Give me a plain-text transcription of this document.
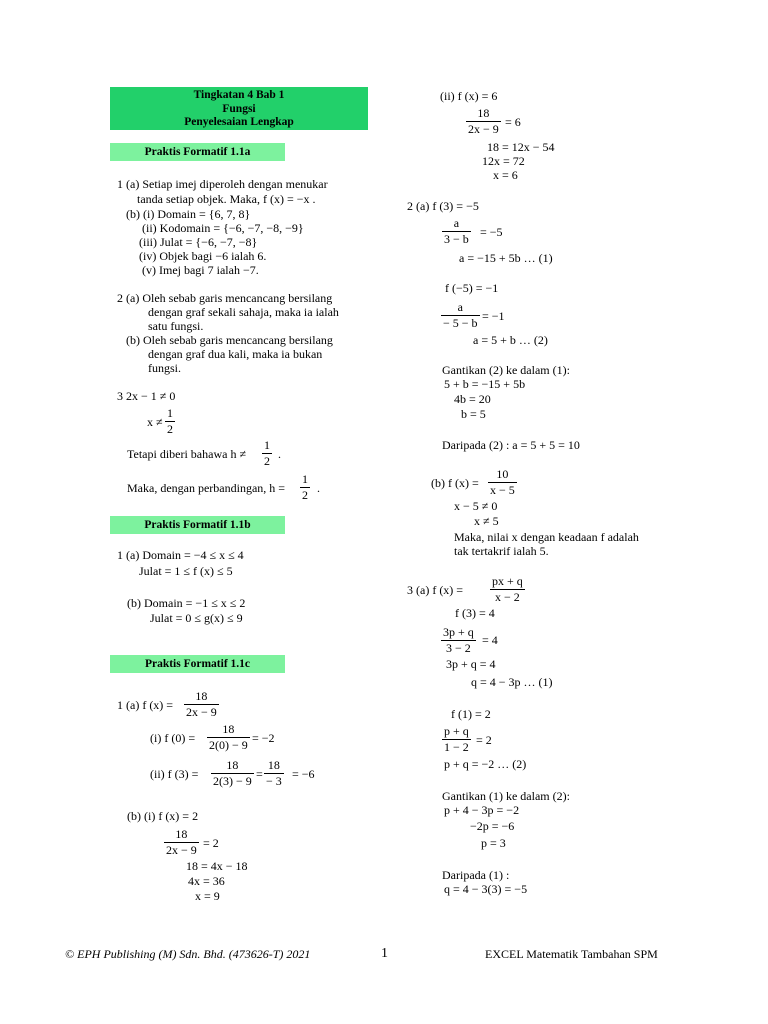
Tingkatan 4 Bab 1
Fungsi
Penyelesaian Lengkap
Praktis Formatif 1.1a
1 (a) Setiap imej diperoleh dengan menukar
tanda setiap objek. Maka, f (x) = −x .
(b) (i) Domain = {6, 7, 8}
(ii) Kodomain = {−6, −7, −8, −9}
(iii) Julat = {−6, −7, −8}
(iv) Objek bagi −6 ialah 6.
(v) Imej bagi 7 ialah −7.
2 (a) Oleh sebab garis mencancang bersilang
dengan graf sekali sahaja, maka ia ialah
satu fungsi.
(b) Oleh sebab garis mencancang bersilang
dengan graf dua kali, maka ia bukan
fungsi.
3 2x − 1 ≠ 0
x ≠
1
2
Tetapi diberi bahawa h ≠
1
2 .
Maka, dengan perbandingan, h =
1
2 .
Praktis Formatif 1.1b
1 (a) Domain = −4 ≤ x ≤ 4
Julat = 1 ≤ f (x) ≤ 5
(b) Domain = −1 ≤ x ≤ 2
Julat = 0 ≤ g(x) ≤ 9
Praktis Formatif 1.1c
1 (a) f (x) =
18
2x − 9
(i) f (0) =
18
2(0) − 9 = −2
(ii) f (3) =
18
2(3) − 9 =
18
− 3 = −6
(b) (i) f (x) = 2
18
2x − 9 = 2
18 = 4x − 18
4x = 36
x = 9
(ii) f (x) = 6
18
2x − 9 = 6
18 = 12x − 54
12x = 72
x = 6
2 (a) f (3) = −5
a
3 − b = −5
a = −15 + 5b … (1)
f (−5) = −1
a
− 5 − b = −1
a = 5 + b … (2)
Gantikan (2) ke dalam (1):
5 + b = −15 + 5b
4b = 20
b = 5
Daripada (2) : a = 5 + 5 = 10
(b) f (x) =
10
x − 5
x − 5 ≠ 0
x ≠ 5
Maka, nilai x dengan keadaan f adalah
tak tertakrif ialah 5.
3 (a) f (x) =
px + q
x − 2
f (3) = 4
3p + q
3 − 2
= 4
3p + q = 4
q = 4 − 3p … (1)
f (1) = 2
p + q
1 − 2 = 2
p + q = −2 … (2)
Gantikan (1) ke dalam (2):
p + 4 − 3p = −2
−2p = −6
p = 3
Daripada (1) :
q = 4 − 3(3) = −5
© EPH Publishing (M) Sdn. Bhd. (473626-T) 2021	1	EXCEL Matematik Tambahan SPM
